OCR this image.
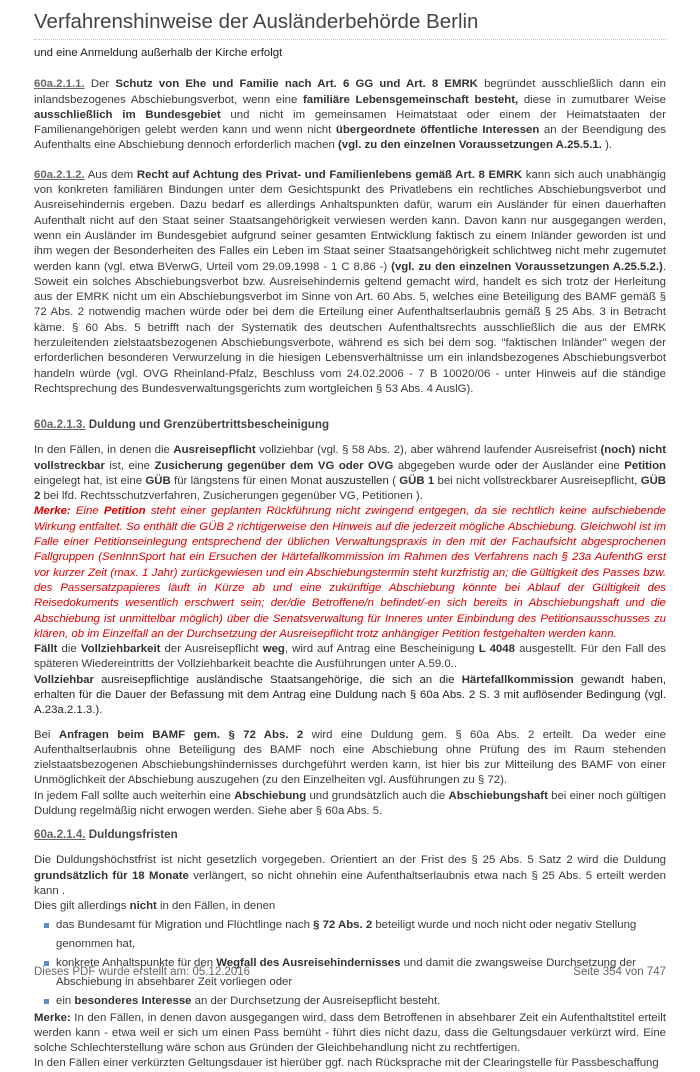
Verfahrenshinweise der Ausländerbehörde Berlin

und eine Anmeldung außerhalb der Kirche erfolgt

60a.2.1.1. Der Schutz von Ehe und Familie nach Art. 6 GG und Art. 8 EMRK begründet ausschließlich dann ein inlandsbezogenes Abschiebungsverbot, wenn eine familiäre Lebensgemeinschaft besteht, diese in zumutbarer Weise ausschließlich im Bundesgebiet und nicht im gemeinsamen Heimatstaat oder einem der Heimatstaaten der Familienangehörigen gelebt werden kann und wenn nicht übergeordnete öffentliche Interessen an der Beendigung des Aufenthalts eine Abschiebung dennoch erforderlich machen (vgl. zu den einzelnen Voraussetzungen A.25.5.1. ).

60a.2.1.2. Aus dem Recht auf Achtung des Privat- und Familienlebens gemäß Art. 8 EMRK kann sich auch unabhängig von konkreten familiären Bindungen unter dem Gesichtspunkt des Privatlebens ein rechtliches Abschiebungsverbot und Ausreisehindernis ergeben. Dazu bedarf es allerdings Anhaltspunkten dafür, warum ein Ausländer für einen dauerhaften Aufenthalt nicht auf den Staat seiner Staatsangehörigkeit verwiesen werden kann. Davon kann nur ausgegangen werden, wenn ein Ausländer im Bundesgebiet aufgrund seiner gesamten Entwicklung faktisch zu einem Inländer geworden ist und ihm wegen der Besonderheiten des Falles ein Leben im Staat seiner Staatsangehörigkeit schlichtweg nicht mehr zugemutet werden kann (vgl. etwa BVerwG, Urteil vom 29.09.1998 - 1 C 8.86 -) (vgl. zu den einzelnen Voraussetzungen A.25.5.2.). Soweit ein solches Abschiebungsverbot bzw. Ausreisehindernis geltend gemacht wird, handelt es sich trotz der Herleitung aus der EMRK nicht um ein Abschiebungsverbot im Sinne von Art. 60 Abs. 5, welches eine Beteiligung des BAMF gemäß § 72 Abs. 2 notwendig machen würde oder bei dem die Erteilung einer Aufenthaltserlaubnis gemäß § 25 Abs. 3 in Betracht käme. § 60 Abs. 5 betrifft nach der Systematik des deutschen Aufenthaltsrechts ausschließlich die aus der EMRK herzuleitenden zielstaatsbezogenen Abschiebungsverbote, während es sich bei dem sog. "faktischen Inländer" wegen der erforderlichen besonderen Verwurzelung in die hiesigen Lebensverhältnisse um ein inlandsbezogenes Abschiebungsverbot handeln würde (vgl. OVG Rheinland-Pfalz, Beschluss vom 24.02.2006 - 7 B 10020/06 - unter Hinweis auf die ständige Rechtsprechung des Bundesverwaltungsgerichts zum wortgleichen § 53 Abs. 4 AuslG).

60a.2.1.3. Duldung und Grenzübertrittsbescheinigung

In den Fällen, in denen die Ausreisepflicht vollziehbar (vgl. § 58 Abs. 2), aber während laufender Ausreisefrist (noch) nicht vollstreckbar ist, eine Zusicherung gegenüber dem VG oder OVG abgegeben wurde oder der Ausländer eine Petition eingelegt hat, ist eine GÜB für längstens für einen Monat auszustellen ( GÜB 1 bei nicht vollstreckbarer Ausreisepflicht, GÜB 2 bei lfd. Rechtsschutzverfahren, Zusicherungen gegenüber VG, Petitionen ).

Merke: Eine Petition steht einer geplanten Rückführung nicht zwingend entgegen, da sie rechtlich keine aufschiebende Wirkung entfaltet. So enthält die GÜB 2 richtigerweise den Hinweis auf die jederzeit mögliche Abschiebung. Gleichwohl ist im Falle einer Petitionseinlegung entsprechend der üblichen Verwaltungspraxis in den mit der Fachaufsicht abgesprochenen Fallgruppen (SenInnSport hat ein Ersuchen der Härtefallkommission im Rahmen des Verfahrens nach § 23a AufenthG erst vor kurzer Zeit (max. 1 Jahr) zurückgewiesen und ein Abschiebungstermin steht kurzfristig an; die Gültigkeit des Passes bzw. des Passersatzpapieres läuft in Kürze ab und eine zukünftige Abschiebung könnte bei Ablauf der Gültigkeit des Reisedokuments wesentlich erschwert sein; der/die Betroffene/n befindet/-en sich bereits in Abschiebungshaft und die Abschiebung ist unmittelbar möglich) über die Senatsverwaltung für Inneres unter Einbindung des Petitionsausschusses zu klären, ob im Einzelfall an der Durchsetzung der Ausreisepflicht trotz anhängiger Petition festgehalten werden kann.

Fällt die Vollziehbarkeit der Ausreisepflicht weg, wird auf Antrag eine Bescheinigung L 4048 ausgestellt. Für den Fall des späteren Wiedereintritts der Vollziehbarkeit beachte die Ausführungen unter A.59.0..

Vollziehbar ausreisepflichtige ausländische Staatsangehörige, die sich an die Härtefallkommission gewandt haben, erhalten für die Dauer der Befassung mit dem Antrag eine Duldung nach § 60a Abs. 2 S. 3 mit auflösender Bedingung (vgl. A.23a.2.1.3.).

Bei Anfragen beim BAMF gem. § 72 Abs. 2 wird eine Duldung gem. § 60a Abs. 2 erteilt. Da weder eine Aufenthaltserlaubnis ohne Beteiligung des BAMF noch eine Abschiebung ohne Prüfung des im Raum stehenden zielstaatsbezogenen Abschiebungshindernisses durchgeführt werden kann, ist hier bis zur Mitteilung des BAMF von einer Unmöglichkeit der Abschiebung auszugehen (zu den Einzelheiten vgl. Ausführungen zu § 72).

In jedem Fall sollte auch weiterhin eine Abschiebung und grundsätzlich auch die Abschiebungshaft bei einer noch gültigen Duldung regelmäßig nicht erwogen werden. Siehe aber § 60a Abs. 5.

60a.2.1.4. Duldungsfristen

Die Duldungshöchstfrist ist nicht gesetzlich vorgegeben. Orientiert an der Frist des § 25 Abs. 5 Satz 2 wird die Duldung grundsätzlich für 18 Monate verlängert, so nicht ohnehin eine Aufenthaltserlaubnis etwa nach § 25 Abs. 5 erteilt werden kann .

Dies gilt allerdings nicht in den Fällen, in denen

das Bundesamt für Migration und Flüchtlinge nach § 72 Abs. 2 beteiligt wurde und noch nicht oder negativ Stellung
genommen hat,
konkrete Anhaltspunkte für den Wegfall des Ausreisehindernisses und damit die zwangsweise Durchsetzung der
Abschiebung in absehbarer Zeit vorliegen oder
ein besonderes Interesse an der Durchsetzung der Ausreisepflicht besteht.

Merke: In den Fällen, in denen davon ausgegangen wird, dass dem Betroffenen in absehbarer Zeit ein Aufenthaltstitel erteilt werden kann - etwa weil er sich um einen Pass bemüht - führt dies nicht dazu, dass die Geltungsdauer verkürzt wird. Eine solche Schlechterstellung wäre schon aus Gründen der Gleichbehandlung nicht zu rechtfertigen.

In den Fällen einer verkürzten Geltungsdauer ist hierüber ggf. nach Rücksprache mit der Clearingstelle für Passbeschaffung

Dieses PDF wurde erstellt am: 05.12.2016	Seite 354 von 747
